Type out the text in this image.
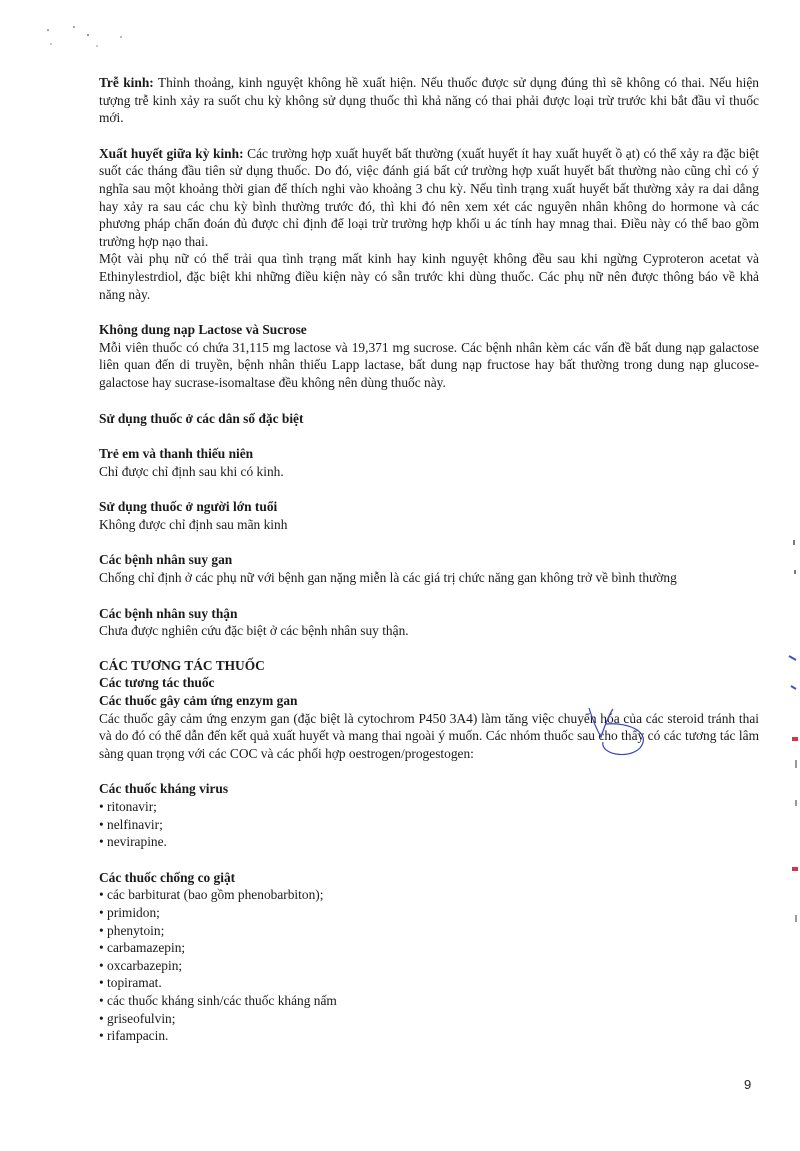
Trễ kinh: Thỉnh thoảng, kinh nguyệt không hề xuất hiện. Nếu thuốc được sử dụng đúng thì sẽ không có thai. Nếu hiện tượng trễ kinh xảy ra suốt chu kỳ không sử dụng thuốc thì khả năng có thai phải được loại trừ trước khi bắt đầu vỉ thuốc mới.

Xuất huyết giữa kỳ kinh: Các trường hợp xuất huyết bất thường (xuất huyết ít hay xuất huyết ồ ạt) có thể xảy ra đặc biệt suốt các tháng đầu tiên sử dụng thuốc. Do đó, việc đánh giá bất cứ trường hợp xuất huyết bất thường nào cũng chỉ có ý nghĩa sau một khoảng thời gian để thích nghi vào khoảng 3 chu kỳ. Nếu tình trạng xuất huyết bất thường xảy ra dai dẳng hay xảy ra sau các chu kỳ bình thường trước đó, thì khi đó nên xem xét các nguyên nhân không do hormone và các phương pháp chẩn đoán đủ được chỉ định để loại trừ trường hợp khối u ác tính hay mnag thai. Điều này có thể bao gồm trường hợp nạo thai.

Một vài phụ nữ có thể trải qua tình trạng mất kinh hay kinh nguyệt không đều sau khi ngừng Cyproteron acetat và Ethinylestrdiol, đặc biệt khi những điều kiện này có sẵn trước khi dùng thuốc. Các phụ nữ nên được thông báo về khả năng này.

Không dung nạp Lactose và Sucrose

Mỗi viên thuốc có chứa 31,115 mg lactose và 19,371 mg sucrose. Các bệnh nhân kèm các vấn đề bất dung nạp galactose liên quan đến di truyền, bệnh nhân thiếu Lapp lactase, bất dung nạp fructose hay bất thường trong dung nạp glucose-galactose hay sucrase-isomaltase đều không nên dùng thuốc này.

Sử dụng thuốc ở các dân số đặc biệt

Trẻ em và thanh thiếu niên

Chỉ được chỉ định sau khi có kinh.

Sử dụng thuốc ở người lớn tuổi

Không được chỉ định sau mãn kinh

Các bệnh nhân suy gan

Chống chỉ định ở các phụ nữ với bệnh gan nặng miễn là các giá trị chức năng gan không trở về bình thường

Các bệnh nhân suy thận

Chưa được nghiên cứu đặc biệt ở các bệnh nhân suy thận.

CÁC TƯƠNG TÁC THUỐC

Các tương tác thuốc

Các thuốc gây cảm ứng enzym gan

Các thuốc gây cảm ứng enzym gan (đặc biệt là cytochrom P450 3A4) làm tăng việc chuyển hóa của các steroid tránh thai và do đó có thể dẫn đến kết quả xuất huyết và mang thai ngoài ý muốn. Các nhóm thuốc sau cho thấy có các tương tác lâm sàng quan trọng với các COC và các phối hợp oestrogen/progestogen:

Các thuốc kháng virus

• ritonavir;
• nelfinavir;
• nevirapine.

Các thuốc chống co giật

• các barbiturat (bao gồm phenobarbiton);
• primidon;
• phenytoin;
• carbamazepin;
• oxcarbazepin;
• topiramat.
• các thuốc kháng sinh/các thuốc kháng nấm
• griseofulvin;
• rifampacin.
9
